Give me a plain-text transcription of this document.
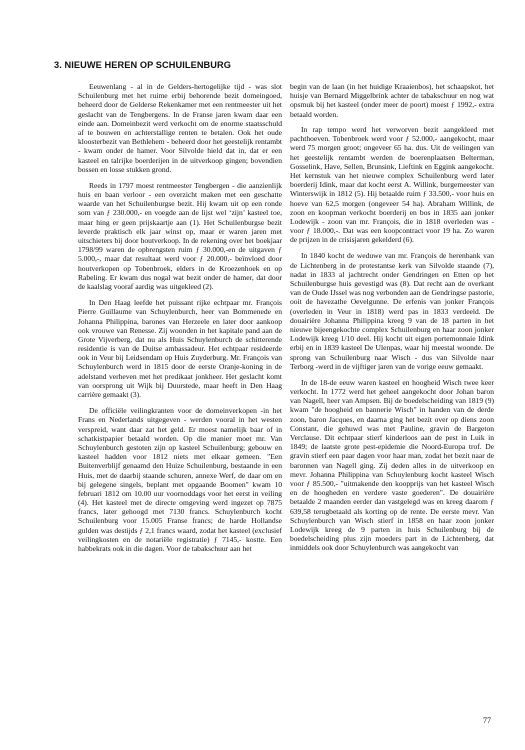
3. NIEUWE HEREN OP SCHUILENBURG

Eeuwenlang - al in de Gelders-hertogelijke tijd - was slot Schuilenburg met het ruime erbij behorende bezit domeingoed, beheerd door de Gelderse Rekenkamer met een rentmeester uit het geslacht van de Tengbergens. In de Franse jaren kwam daar een einde aan. Domeinbezit werd verkocht om de enorme staatsschuld af te bouwen en achterstallige renten te betalen. Ook het oude kloosterbezit van Bethlehem - beheerd door het geestelijk rentambt - kwam onder de hamer. Voor Silvolde hield dat in, dat er een kasteel en talrijke boerderijen in de uitverkoop gingen; bovendien bossen en losse stukken grond.

Reeds in 1797 moest rentmeester Tengbergen - die aanzienlijk huis en baan verloor - een overzicht maken met een geschatte waarde van het Schuilenburgse bezit. Hij kwam uit op een ronde som van ƒ 230.000,- en voegde aan de lijst wel ‘zijn’ kasteel toe, maar hing er geen prijskaartje aan (1). Het Schuilenburgse bezit leverde praktisch elk jaar winst op, maar er waren jaren met uitschieters bij door houtverkoop. In de rekening over het boekjaar 1798/99 waren de opbrengsten ruim ƒ 30.000,-en de uitgaven ƒ 5.000,-, maar dat resultaat werd voor ƒ 20.000,- beïnvloed door houtverkopen op Tobenbroek, elders in de Kroezenhoek en op Rabeling. Er kwam dus nogal wat bezit onder de hamer, dat door de kaalslag vooraf aardig was uitgekleed (2).

In Den Haag leefde het puissant rijke echtpaar mr. François Pierre Guillaume van Schuylenburch, heer van Bommenede en Johanna Philippina, barones van Herzeele en later door aankoop ook vrouwe van Renesse. Zij woonden in het kapitale pand aan de Grote Vijverberg, dat nu als Huis Schuylenburch de schitterende residentie is van de Duitse ambassadeur. Het echtpaar resideerde ook in Veur bij Leidsendam op Huis Zuyderburg. Mr. François van Schuylenburch werd in 1815 door de eerste Oranje-koning in de adelstand verheven met het predikaat jonkheer. Het geslacht komt van oorsprong uit Wijk bij Duurstede, maar heeft in Den Haag carrière gemaakt (3).

De officiële veilingkranten voor de domeinverkopen -in het Frans en Nederlands uitgegeven - werden vooral in het westen verspreid, want daar zat het geld. Er moest namelijk baar of in schatkistpapier betaald worden. Op die manier moet mr. Van Schuylenburch gestoten zijn op kasteel Schuilenburg; gebouw en kasteel hadden voor 1812 niets met elkaar gemeen. "Een Buitenverblijf genaamd den Huize Schuilenburg, bestaande in een Huis, met de daarbij staande schuren, annexe Werf, de daar om en bij gelegene singels, beplant met opgaande Boomen" kwam 10 februari 1812 om 10.00 uur voornoddags voor het eerst in veiling (4). Het kasteel met de directe omgeving werd ingezet op 7875 francs, later gehoogd met 7130 francs. Schuylenburch kocht Schuilenburg voor 15.005 Franse francs; de harde Hollandse gulden was destijds ƒ 2,1 francs waard, zodat het kasteel (exclusief veilingkosten en de notariële registratie) ƒ 7145,- kostte. Een habbekrats ook in die dagen. Voor de tabakschuur aan het

begin van de laan (in het huidige Kraaienbos), het schaapskot, het huisje van Bernard Miggelbrink achter de tabakschuur en nog wat opsmuk bij het kasteel (onder meer de poort) moest ƒ 1992,- extra betaald worden.

In rap tempo werd het verworven bezit aangekleed met pachthoeven. Tobenbroek werd voor ƒ 52.000,- aangekocht, maar werd 75 morgen groot; ongeveer 65 ha. dus. Uit de veilingen van het geestelijk rentambt werden de boerenplaatsen Belterman, Gosselink, Have, Sellen, Brunsink, Lieftink en Eggink aangekocht. Het kernstuk van het nieuwe complex Schuilenburg werd later boerderij Idink, maar dat kocht eerst A. Willink, burgemeester van Winterswijk in 1812 (5). Hij betaalde ruim ƒ 33.500,- voor huis en hoeve van 62,5 morgen (ongeveer 54 ha). Abraham Willink, de zoon en koopman verkocht boerderij en bos in 1835 aan jonker Lodewijk - zoon van mr. François, die in 1818 overleden was - voor ƒ 18.000,-. Dat was een koopcontract voor 19 ha. Zo waren de prijzen in de crisisjaren gekelderd (6).

In 1840 kocht de weduwe van mr. François de herenbank van de Lichtenberg in de protestantse kerk van Silvolde staande (7), nadat in 1833 al jachtrecht onder Gendringen en Etten op het Schuilenburgse huis gevestigd was (8). Dat recht aan de overkant van de Oude IJssel was nog verbonden aan de Gendringse pastorie, ooit de havezathe Oevelgunne. De erfenis van jonker François (overleden in Veur in 1818) werd pas in 1833 verdeeld. De douairière Johanna Philippina kreeg 9 van de 18 parten in het nieuwe bijeengekochte complex Schuilenburg en haar zoon jonker Lodewijk kreeg 1/10 deel. Hij kocht uit eigen portemonnaie Idink erbij en in 1839 kasteel De Ulenpas, waar hij meestal woonde. De sprong van Schuilenburg naar Wisch - dus van Silvolde naar Terborg -werd in de vijftiger jaren van de vorige eeuw gemaakt.

In de 18-de eeuw waren kasteel en hoogheid Wisch twee keer verkocht. In 1772 werd het geheel aangekocht door Johan baron van Nagell, heer van Ampsen. Bij de boedelscheiding van 1819 (9) kwam "de hoogheid en bannerie Wisch" in handen van de derde zoon, baron Jacques, en daarna ging het bezit over op diens zoon Constant, die gehuwd was met Pauline, gravin de Bargeton Verclause. Dit echtpaar stierf kinderloos aan de pest in Luik in 1849; de laatste grote pest-epidemie die Noord-Europa trof. De gravin stierf een paar dagen voor haar man, zodat het bezit naar de baronnen van Nagell ging. Zij deden alles in de uitverkoop en mevr. Johanna Philippina van Schuylenburg kocht kasteel Wisch voor ƒ 85.500,- "uitmakende den koopprijs van het kasteel Wisch en de hoogheden en verdere vaste goederen". De douairière betaalde 2 maanden eerder dan vastgelegd was en kreeg daarom ƒ 639,58 terugbetaald als korting op de rente. De eerste mevr. Van Schuylenburch van Wisch stierf in 1858 en haar zoon jonker Lodewijk kreeg de 9 parten in huis Schuilenburg bij de boedelscheiding plus zijn moeders part in de Lichtenberg, dat inmiddels ook door Schuylenburch was aangekocht van

77
